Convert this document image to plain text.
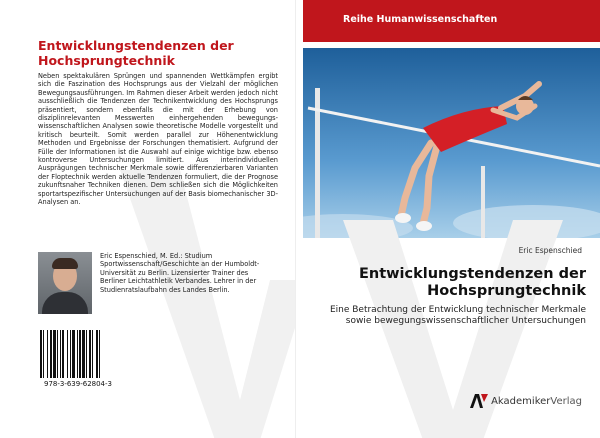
Entwicklungstendenzen der Hochsprungtechnik
Neben spektakulären Sprüngen und spannenden Wettkämpfen ergibt sich die Faszination des Hochsprungs aus der Vielzahl der möglichen Bewegungsausführungen. Im Rahmen dieser Arbeit werden jedoch nicht ausschließlich die Tendenzen der Technikentwicklung des Hochsprungs präsentiert, sondern ebenfalls die mit der Erhebung von disziplinrelevanten Messwerten einhergehenden bewegungs-wissenschaftlichen Analysen sowie theoretische Modelle vorgestellt und kritisch beurteilt. Somit werden parallel zur Höhenentwicklung Methoden und Ergebnisse der Forschungen thematisiert. Aufgrund der Fülle der Informationen ist die Auswahl auf einige wichtige bzw. ebenso kontroverse Untersuchungen limitiert. Aus interindividuellen Ausprägungen technischer Merkmale sowie differenzierbaren Varianten der Floptechnik werden aktuelle Tendenzen formuliert, die der Prognose zukunftsnaher Techniken dienen. Dem schließen sich die Möglichkeiten sportartspezifischer Untersuchungen auf der Basis biomechanischer 3D-Analysen an.
Eric Espenschied, M. Ed.: Studium Sportwissenschaft/Geschichte an der Humboldt-Universität zu Berlin. Lizensierter Trainer des Berliner Leichtathletik Verbandes. Lehrer in der Studienratslaufbahn des Landes Berlin.
978-3-639-62804-3
Reihe Humanwissenschaften
Eric Espenschied
Entwicklungstendenzen der Hochsprungtechnik
Eine Betrachtung der Entwicklung technischer Merkmale sowie bewegungswissenschaftlicher Untersuchungen
Akademiker Verlag
